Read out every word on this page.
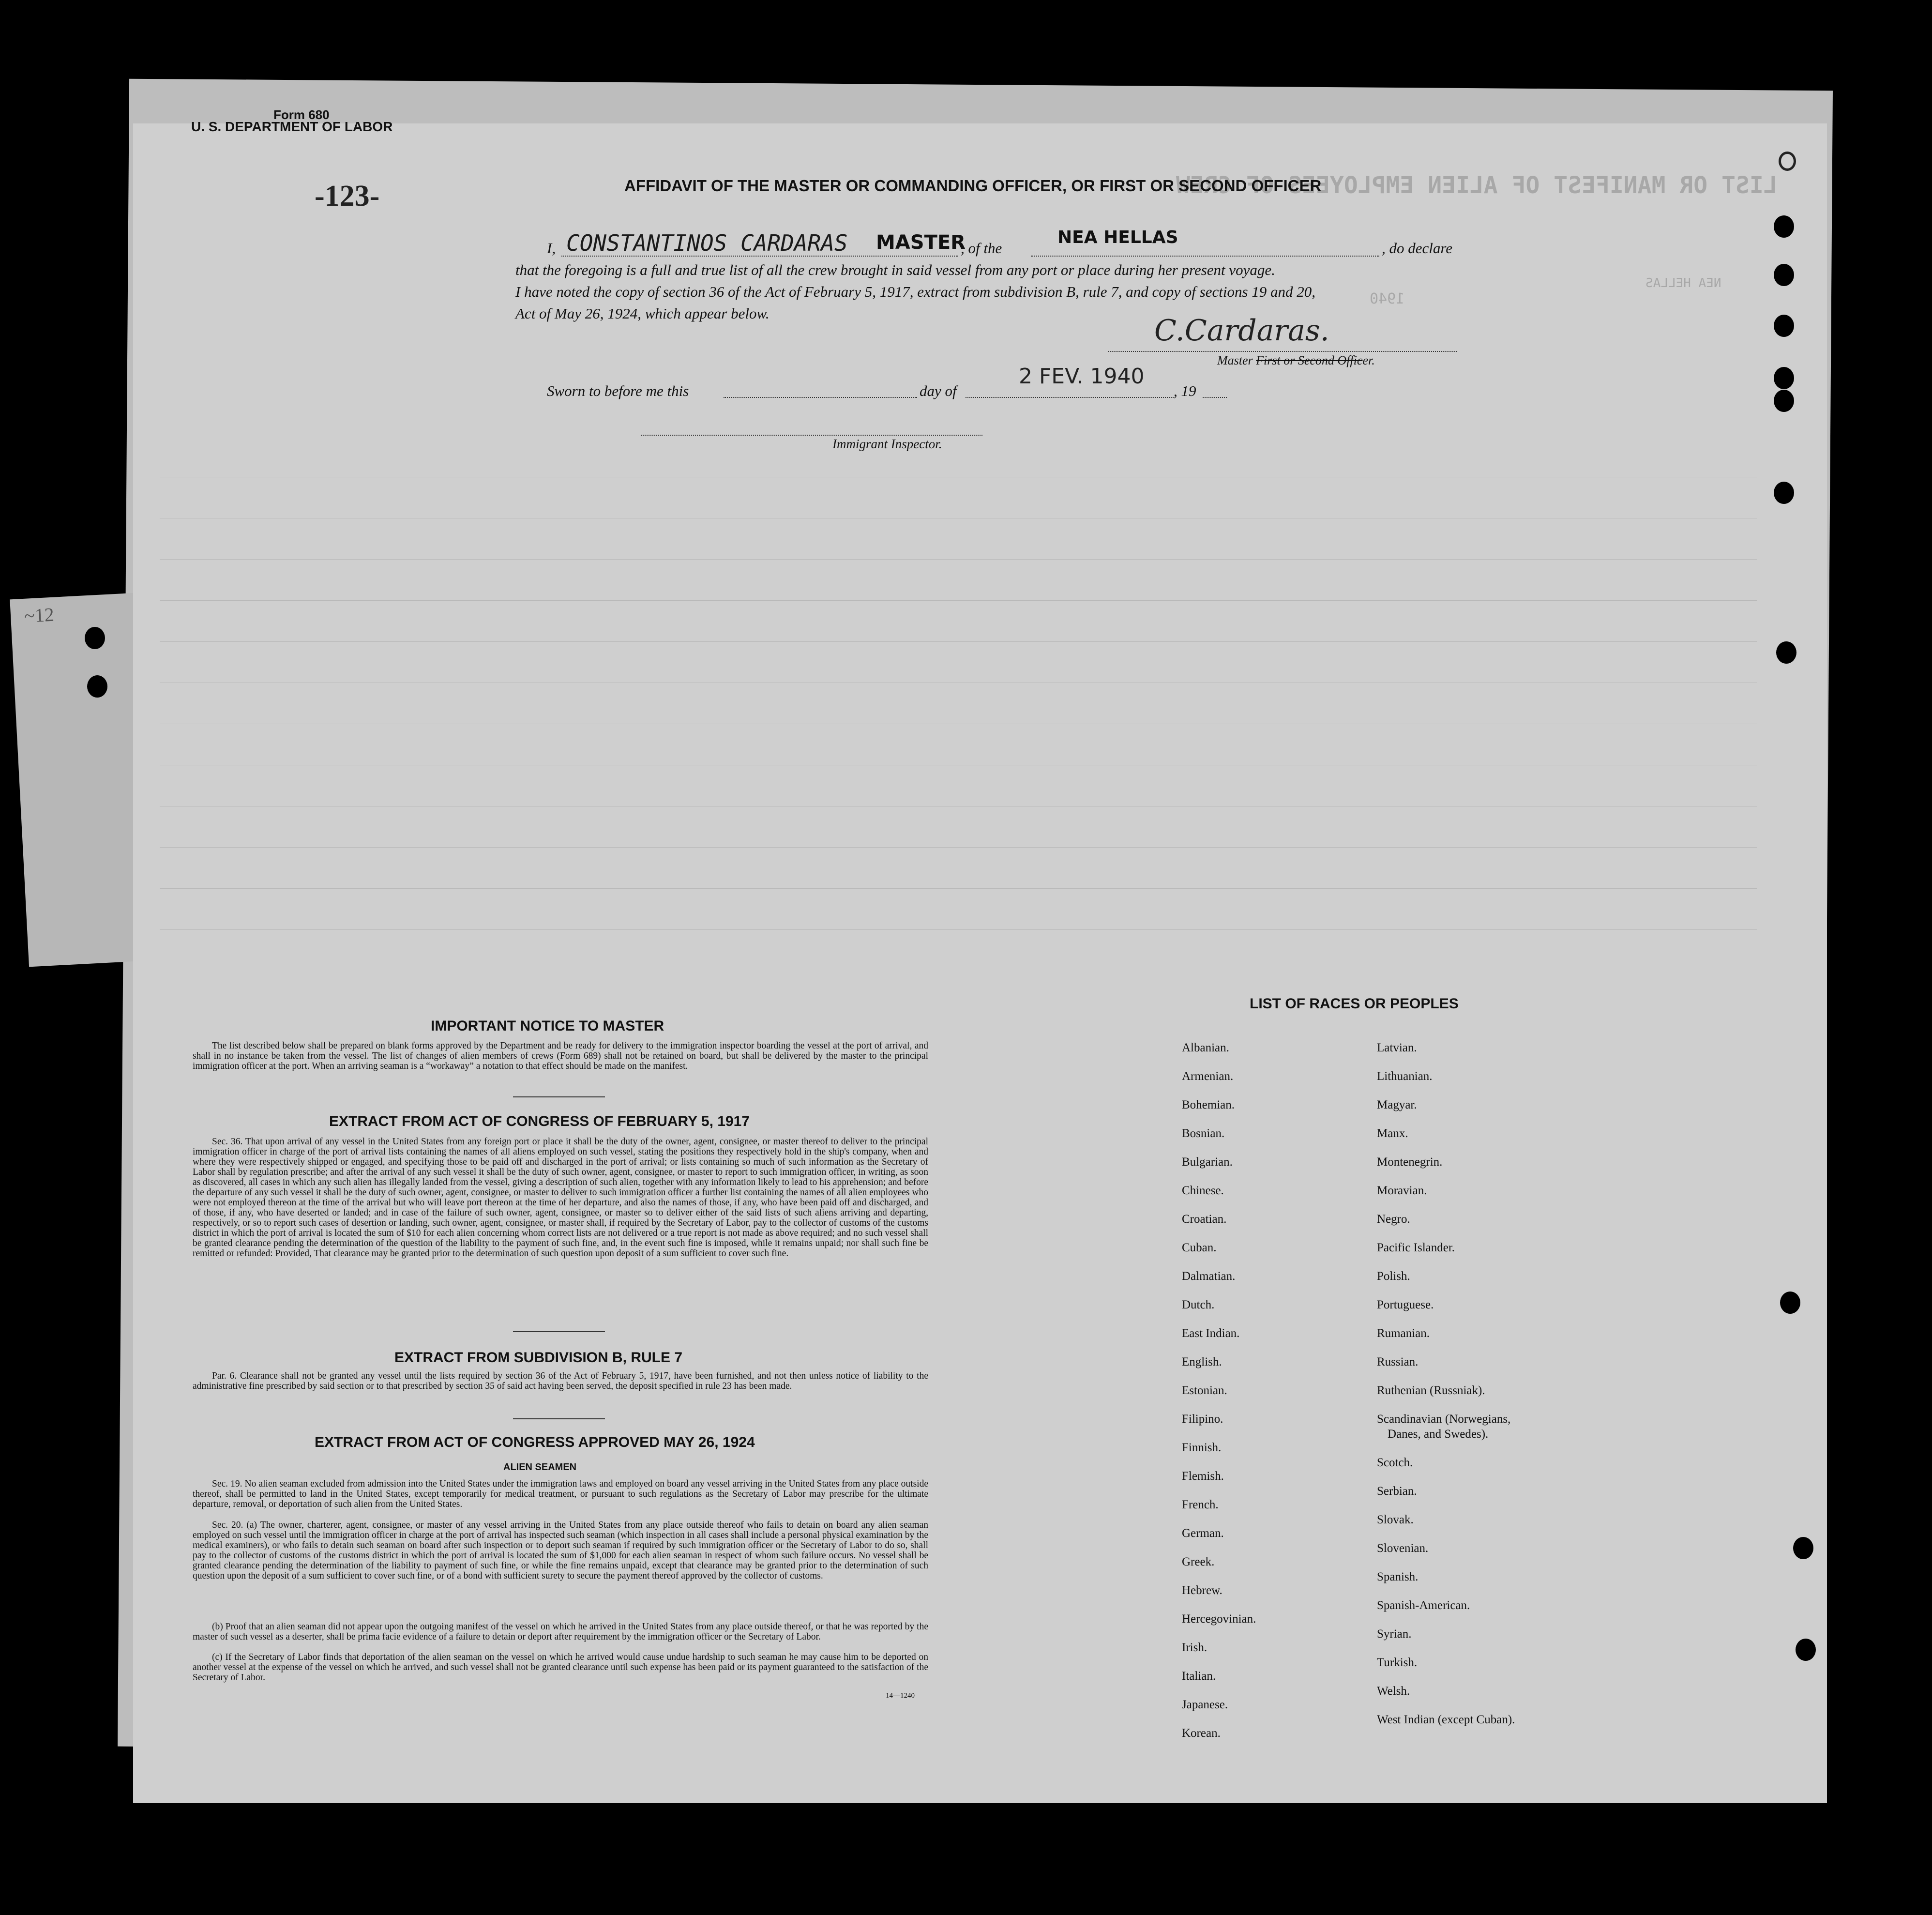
~12
LIST OR MANIFEST OF ALIEN EMPLOYEES OF CREW
NEA HELLAS
1940
Form 680
U. S. DEPARTMENT OF LABOR
-123-	AFFIDAVIT OF THE MASTER OR COMMANDING OFFICER, OR FIRST OR SECOND OFFICER
I, CONSTANTINOS CARDARAS MASTER
, of the
NEA HELLAS
, do declare
that the foregoing is a full and true list of all the crew brought in said vessel from any port or place during her present voyage.
I have noted the copy of section 36 of the Act of February 5, 1917, extract from subdivision B, rule 7, and copy of sections 19 and 20,
Act of May 26, 1924, which appear below.
C.Cardaras.
Master First or Second Officer.
Sworn to before me this	day of
2 FEV. 1940
, 19
Immigrant Inspector.
IMPORTANT NOTICE TO MASTER
The list described below shall be prepared on blank forms approved by the Department and be ready for delivery to the immigration inspector boarding the vessel at the port of arrival, and shall in no instance be taken from the vessel. The list of changes of alien members of crews (Form 689) shall not be retained on board, but shall be delivered by the master to the principal immigration officer at the port. When an arriving seaman is a “workaway” a notation to that effect should be made on the manifest.
EXTRACT FROM ACT OF CONGRESS OF FEBRUARY 5, 1917
Sec. 36. That upon arrival of any vessel in the United States from any foreign port or place it shall be the duty of the owner, agent, consignee, or master thereof to deliver to the principal immigration officer in charge of the port of arrival lists containing the names of all aliens employed on such vessel, stating the positions they respectively hold in the ship's company, when and where they were respectively shipped or engaged, and specifying those to be paid off and discharged in the port of arrival; or lists containing so much of such information as the Secretary of Labor shall by regulation prescribe; and after the arrival of any such vessel it shall be the duty of such owner, agent, consignee, or master to report to such immigration officer, in writing, as soon as discovered, all cases in which any such alien has illegally landed from the vessel, giving a description of such alien, together with any information likely to lead to his apprehension; and before the departure of any such vessel it shall be the duty of such owner, agent, consignee, or master to deliver to such immigration officer a further list containing the names of all alien employees who were not employed thereon at the time of the arrival but who will leave port thereon at the time of her departure, and also the names of those, if any, who have been paid off and discharged, and of those, if any, who have deserted or landed; and in case of the failure of such owner, agent, consignee, or master so to deliver either of the said lists of such aliens arriving and departing, respectively, or so to report such cases of desertion or landing, such owner, agent, consignee, or master shall, if required by the Secretary of Labor, pay to the collector of customs of the customs district in which the port of arrival is located the sum of $10 for each alien concerning whom correct lists are not delivered or a true report is not made as above required; and no such vessel shall be granted clearance pending the determination of the question of the liability to the payment of such fine, and, in the event such fine is imposed, while it remains unpaid; nor shall such fine be remitted or refunded: Provided, That clearance may be granted prior to the determination of such question upon deposit of a sum sufficient to cover such fine.
EXTRACT FROM SUBDIVISION B, RULE 7
Par. 6. Clearance shall not be granted any vessel until the lists required by section 36 of the Act of February 5, 1917, have been furnished, and not then unless notice of liability to the administrative fine prescribed by said section or to that prescribed by section 35 of said act having been served, the deposit specified in rule 23 has been made.
EXTRACT FROM ACT OF CONGRESS APPROVED MAY 26, 1924
ALIEN SEAMEN
Sec. 19. No alien seaman excluded from admission into the United States under the immigration laws and employed on board any vessel arriving in the United States from any place outside thereof, shall be permitted to land in the United States, except temporarily for medical treatment, or pursuant to such regulations as the Secretary of Labor may prescribe for the ultimate departure, removal, or deportation of such alien from the United States.
Sec. 20. (a) The owner, charterer, agent, consignee, or master of any vessel arriving in the United States from any place outside thereof who fails to detain on board any alien seaman employed on such vessel until the immigration officer in charge at the port of arrival has inspected such seaman (which inspection in all cases shall include a personal physical examination by the medical examiners), or who fails to detain such seaman on board after such inspection or to deport such seaman if required by such immigration officer or the Secretary of Labor to do so, shall pay to the collector of customs of the customs district in which the port of arrival is located the sum of $1,000 for each alien seaman in respect of whom such failure occurs. No vessel shall be granted clearance pending the determination of the liability to payment of such fine, or while the fine remains unpaid, except that clearance may be granted prior to the determination of such question upon the deposit of a sum sufficient to cover such fine, or of a bond with sufficient surety to secure the payment thereof approved by the collector of customs.
(b) Proof that an alien seaman did not appear upon the outgoing manifest of the vessel on which he arrived in the United States from any place outside thereof, or that he was reported by the master of such vessel as a deserter, shall be prima facie evidence of a failure to detain or deport after requirement by the immigration officer or the Secretary of Labor.
(c) If the Secretary of Labor finds that deportation of the alien seaman on the vessel on which he arrived would cause undue hardship to such seaman he may cause him to be deported on another vessel at the expense of the vessel on which he arrived, and such vessel shall not be granted clearance until such expense has been paid or its payment guaranteed to the satisfaction of the Secretary of Labor.
14—1240
LIST OF RACES OR PEOPLES
Albanian.
Armenian.
Bohemian.
Bosnian.
Bulgarian.
Chinese.
Croatian.
Cuban.
Dalmatian.
Dutch.
East Indian.
English.
Estonian.
Filipino.
Finnish.
Flemish.
French.
German.
Greek.
Hebrew.
Hercegovinian.
Irish.
Italian.
Japanese.
Korean.
Latvian.
Lithuanian.
Magyar.
Manx.
Montenegrin.
Moravian.
Negro.
Pacific Islander.
Polish.
Portuguese.
Rumanian.
Russian.
Ruthenian (Russniak).
Scandinavian (Norwegians,
Danes, and Swedes).
Scotch.
Serbian.
Slovak.
Slovenian.
Spanish.
Spanish-American.
Syrian.
Turkish.
Welsh.
West Indian (except Cuban).
